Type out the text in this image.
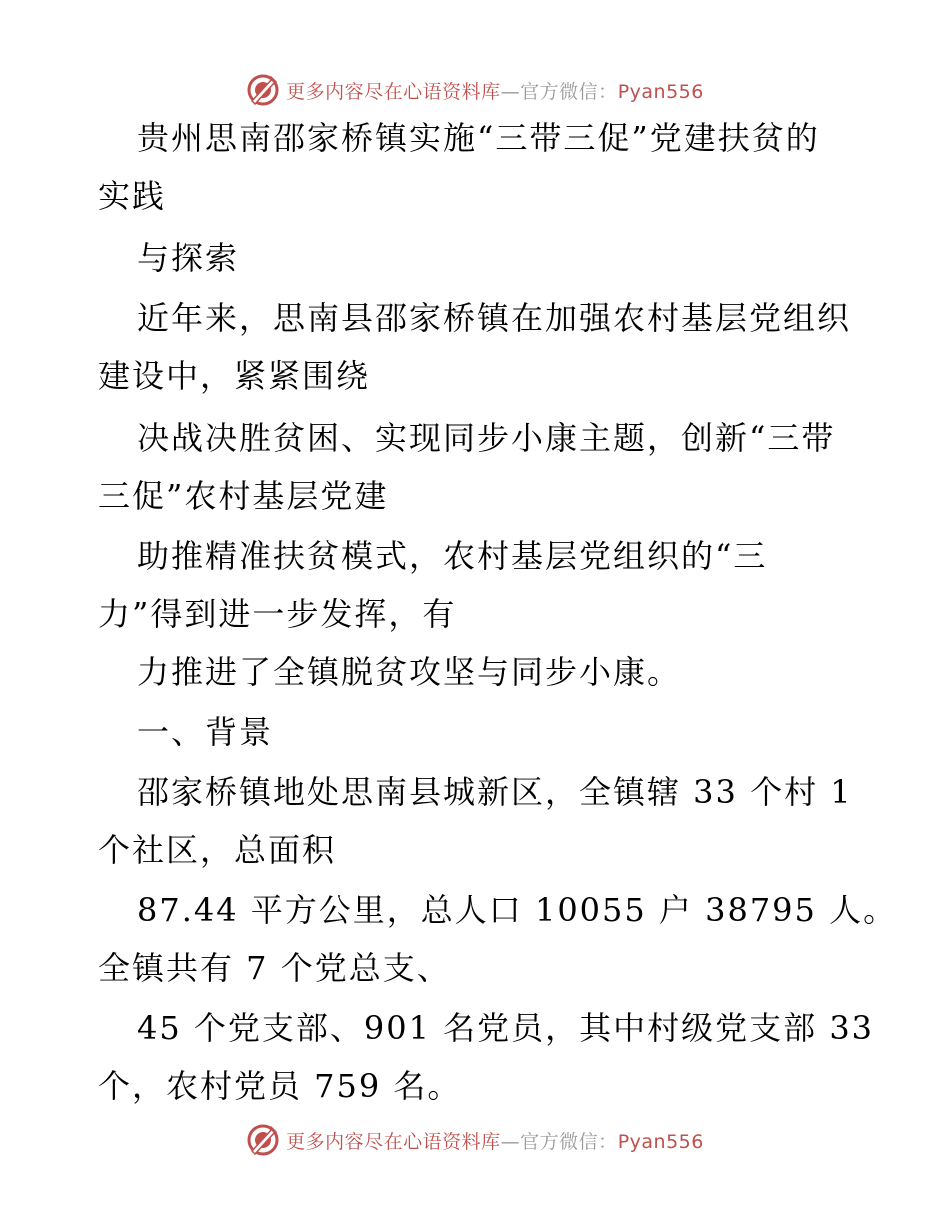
更多内容尽在心语资料库—官方微信：Pyan556
贵州思南邵家桥镇实施“三带三促”党建扶贫的
实践
与探索
近年来，思南县邵家桥镇在加强农村基层党组织
建设中，紧紧围绕
决战决胜贫困、实现同步小康主题，创新“三带
三促”农村基层党建
助推精准扶贫模式，农村基层党组织的“三
力”得到进一步发挥，有
力推进了全镇脱贫攻坚与同步小康。
一、背景
邵家桥镇地处思南县城新区，全镇辖 33 个村 1
个社区，总面积
87.44 平方公里，总人口 10055 户 38795 人。
全镇共有 7 个党总支、
45 个党支部、901 名党员，其中村级党支部 33
个，农村党员 759 名。
更多内容尽在心语资料库—官方微信：Pyan556
